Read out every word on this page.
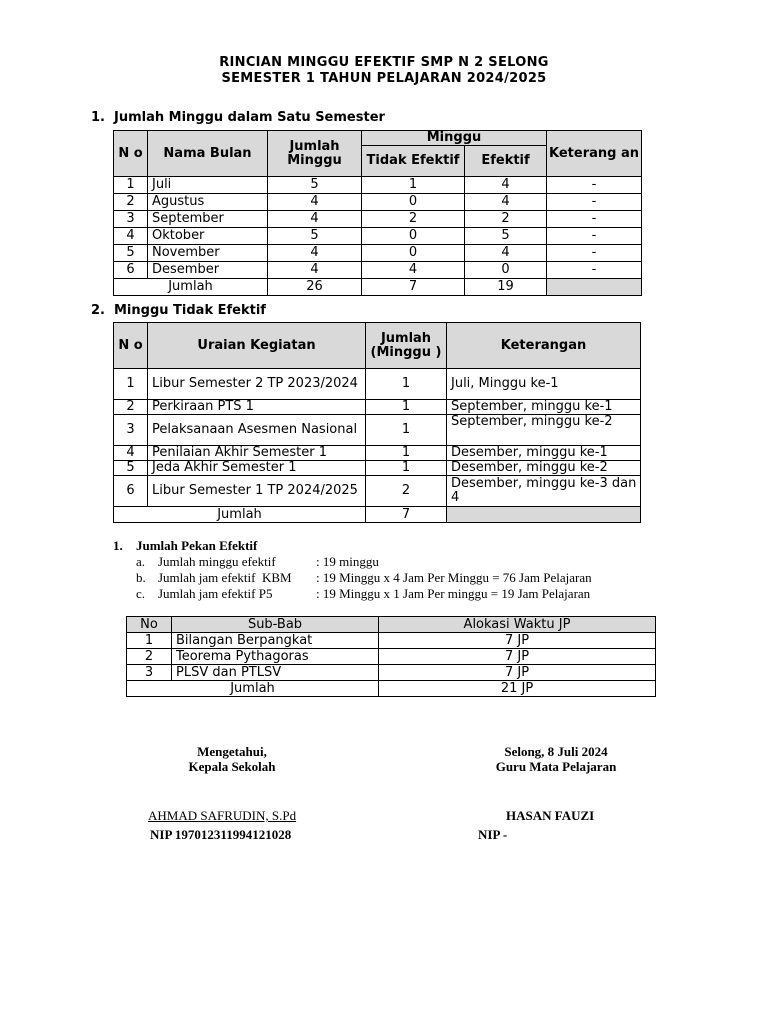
RINCIAN MINGGU EFEKTIF SMP N 2 SELONG
SEMESTER 1 TAHUN PELAJARAN 2024/2025
1. Jumlah Minggu dalam Satu Semester
N o	Nama Bulan	Jumlah Minggu	Minggu		Keterang an
			Tidak Efektif	Efektif	
1	Juli	5	1	4	-
2	Agustus	4	0	4	-
3	September	4	2	2	-
4	Oktober	5	0	5	-
5	November	4	0	4	-
6	Desember	4	4	0	-
Jumlah		26	7	19	
2. Minggu Tidak Efektif
N o	Uraian Kegiatan	Jumlah (Minggu )	Keterangan
1	Libur Semester 2 TP 2023/2024	1	Juli, Minggu ke-1
2	Perkiraan PTS 1	1	September, minggu ke-1
3	Pelaksanaan Asesmen Nasional	1	September, minggu ke-2
4	Penilaian Akhir Semester 1	1	Desember, minggu ke-1
5	Jeda Akhir Semester 1	1	Desember, minggu ke-2
6	Libur Semester 1 TP 2024/2025	2	Desember, minggu ke-3 dan 4
Jumlah		7	
1. Jumlah Pekan Efektif
a. Jumlah minggu efektif	: 19 minggu
b. Jumlah jam efektif  KBM : 19 Minggu x 4 Jam Per Minggu = 76 Jam Pelajaran
c. Jumlah jam efektif P5	: 19 Minggu x 1 Jam Per minggu = 19 Jam Pelajaran
No	Sub-Bab	Alokasi Waktu JP
1	Bilangan Berpangkat	7 JP
2	Teorema Pythagoras	7 JP
3	PLSV dan PTLSV	7 JP
Jumlah		21 JP
Mengetahui,
Kepala Sekolah
Selong, 8 Juli 2024
Guru Mata Pelajaran
AHMAD SAFRUDIN, S.Pd	HASAN FAUZI
NIP 197012311994121028	NIP -
